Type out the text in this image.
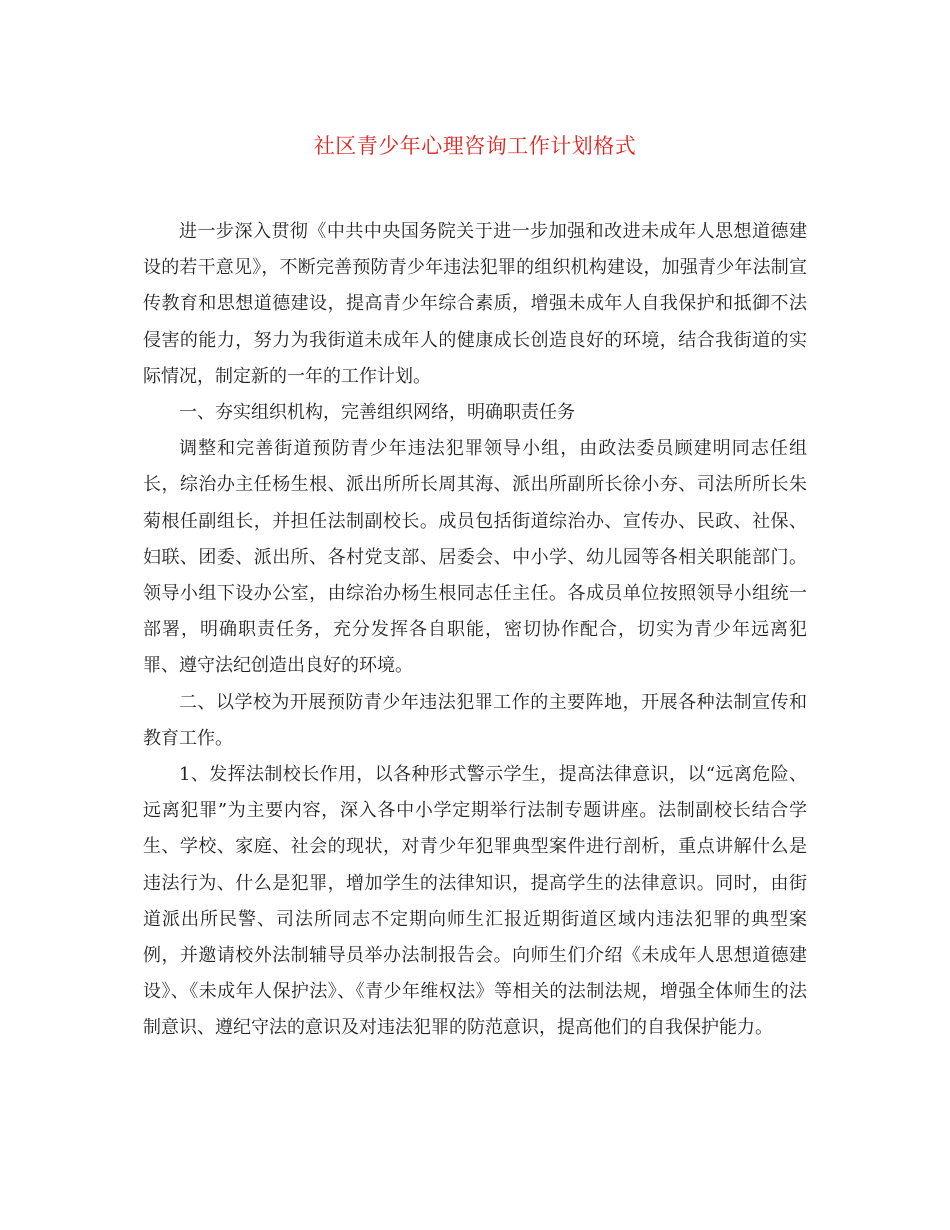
社区青少年心理咨询工作计划格式

进一步深入贯彻《中共中央国务院关于进一步加强和改进未成年人思想道德建设的若干意见》，不断完善预防青少年违法犯罪的组织机构建设，加强青少年法制宣传教育和思想道德建设，提高青少年综合素质，增强未成年人自我保护和抵御不法侵害的能力，努力为我街道未成年人的健康成长创造良好的环境，结合我街道的实际情况，制定新的一年的工作计划。

一、夯实组织机构，完善组织网络，明确职责任务

调整和完善街道预防青少年违法犯罪领导小组，由政法委员顾建明同志任组长，综治办主任杨生根、派出所所长周其海、派出所副所长徐小夯、司法所所长朱菊根任副组长，并担任法制副校长。成员包括街道综治办、宣传办、民政、社保、妇联、团委、派出所、各村党支部、居委会、中小学、幼儿园等各相关职能部门。领导小组下设办公室，由综治办杨生根同志任主任。各成员单位按照领导小组统一部署，明确职责任务，充分发挥各自职能，密切协作配合，切实为青少年远离犯罪、遵守法纪创造出良好的环境。

二、以学校为开展预防青少年违法犯罪工作的主要阵地，开展各种法制宣传和教育工作。

1、发挥法制校长作用，以各种形式警示学生，提高法律意识，以“远离危险、远离犯罪”为主要内容，深入各中小学定期举行法制专题讲座。法制副校长结合学生、学校、家庭、社会的现状，对青少年犯罪典型案件进行剖析，重点讲解什么是违法行为、什么是犯罪，增加学生的法律知识，提高学生的法律意识。同时，由街道派出所民警、司法所同志不定期向师生汇报近期街道区域内违法犯罪的典型案例，并邀请校外法制辅导员举办法制报告会。向师生们介绍《未成年人思想道德建设》、《未成年人保护法》、《青少年维权法》等相关的法制法规，增强全体师生的法制意识、遵纪守法的意识及对违法犯罪的防范意识，提高他们的自我保护能力。
